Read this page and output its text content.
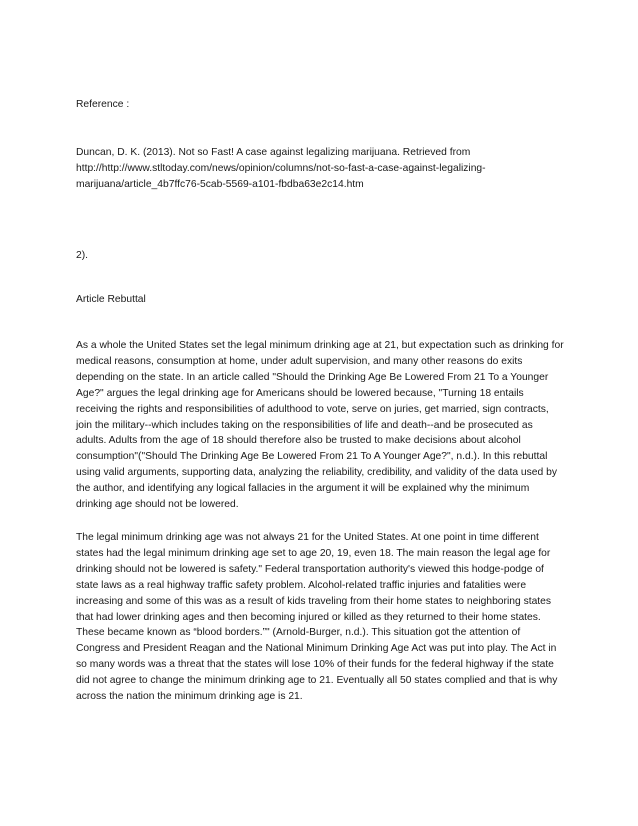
Reference :

Duncan, D. K. (2013). Not so Fast! A case against legalizing marijuana. Retrieved from http://http://www.stltoday.com/news/opinion/columns/not-so-fast-a-case-against-legalizing-marijuana/article_4b7ffc76-5cab-5569-a101-fbdba63e2c14.htm

2).

Article Rebuttal

As a whole the United States set the legal minimum drinking age at 21, but expectation such as drinking for medical reasons, consumption at home, under adult supervision, and many other reasons do exits depending on the state. In an article called "Should the Drinking Age Be Lowered From 21 To a Younger Age?" argues the legal drinking age for Americans should be lowered because, "Turning 18 entails receiving the rights and responsibilities of adulthood to vote, serve on juries, get married, sign contracts, join the military--which includes taking on the responsibilities of life and death--and be prosecuted as adults. Adults from the age of 18 should therefore also be trusted to make decisions about alcohol consumption"("Should The Drinking Age Be Lowered From 21 To A Younger Age?", n.d.). In this rebuttal using valid arguments, supporting data, analyzing the reliability, credibility, and validity of the data used by the author, and identifying any logical fallacies in the argument it will be explained why the minimum drinking age should not be lowered.

The legal minimum drinking age was not always 21 for the United States. At one point in time different states had the legal minimum drinking age set to age 20, 19, even 18. The main reason the legal age for drinking should not be lowered is safety." Federal transportation authority's viewed this hodge-podge of state laws as a real highway traffic safety problem. Alcohol-related traffic injuries and fatalities were increasing and some of this was as a result of kids traveling from their home states to neighboring states that had lower drinking ages and then becoming injured or killed as they returned to their home states. These became known as “blood borders.”" (Arnold-Burger, n.d.). This situation got the attention of Congress and President Reagan and the National Minimum Drinking Age Act was put into play. The Act in so many words was a threat that the states will lose 10% of their funds for the federal highway if the state did not agree to change the minimum drinking age to 21. Eventually all 50 states complied and that is why across the nation the minimum drinking age is 21.
